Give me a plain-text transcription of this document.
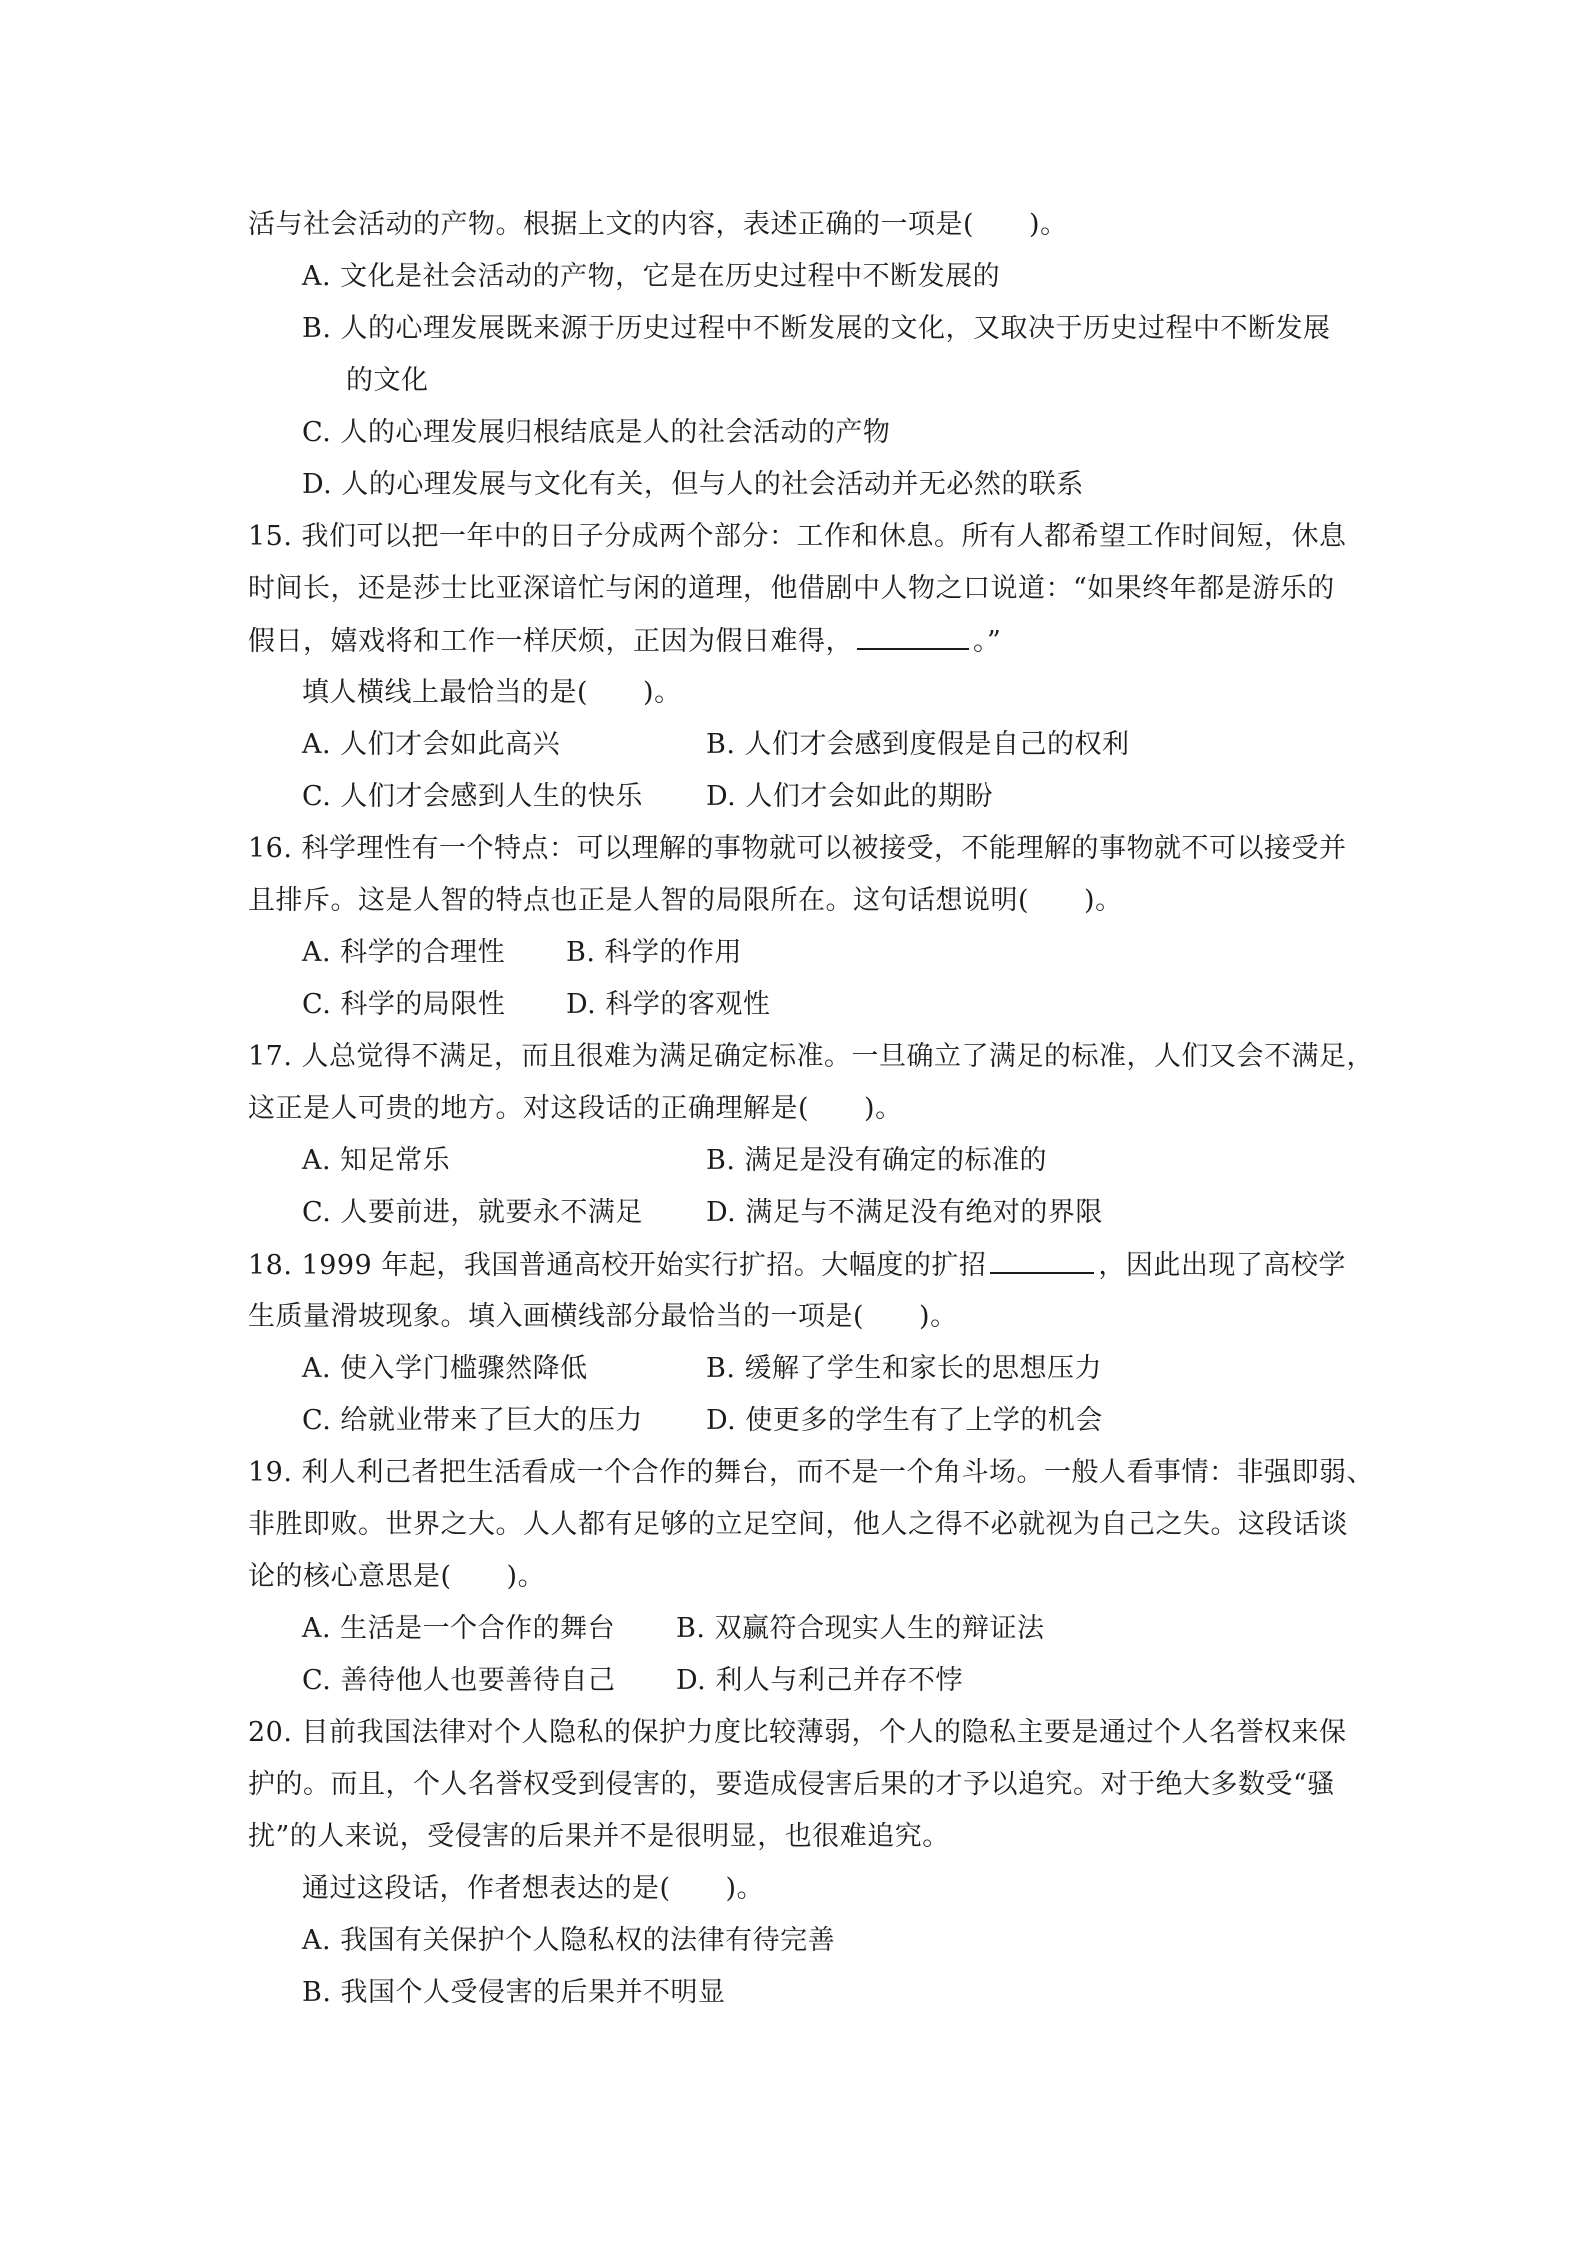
活与社会活动的产物。根据上文的内容，表述正确的一项是(　　)。
A. 文化是社会活动的产物，它是在历史过程中不断发展的
B. 人的心理发展既来源于历史过程中不断发展的文化，又取决于历史过程中不断发展
的文化
C. 人的心理发展归根结底是人的社会活动的产物
D. 人的心理发展与文化有关，但与人的社会活动并无必然的联系
15. 我们可以把一年中的日子分成两个部分：工作和休息。所有人都希望工作时间短，休息
时间长，还是莎士比亚深谙忙与闲的道理，他借剧中人物之口说道：“如果终年都是游乐的
假日，嬉戏将和工作一样厌烦，正因为假日难得，	。”
填人横线上最恰当的是(　　)。
A. 人们才会如此高兴	B. 人们才会感到度假是自己的权利
C. 人们才会感到人生的快乐 D. 人们才会如此的期盼
16. 科学理性有一个特点：可以理解的事物就可以被接受，不能理解的事物就不可以接受并
且排斥。这是人智的特点也正是人智的局限所在。这句话想说明(　　)。
A. 科学的合理性 B. 科学的作用
C. 科学的局限性 D. 科学的客观性
17. 人总觉得不满足，而且很难为满足确定标准。一旦确立了满足的标准，人们又会不满足，
这正是人可贵的地方。对这段话的正确理解是(　　)。
A. 知足常乐	B. 满足是没有确定的标准的
C. 人要前进，就要永不满足 D. 满足与不满足没有绝对的界限
18. 1999 年起，我国普通高校开始实行扩招。大幅度的扩招	，因此出现了高校学
生质量滑坡现象。填入画横线部分最恰当的一项是(　　)。
A. 使入学门槛骤然降低	B. 缓解了学生和家长的思想压力
C. 给就业带来了巨大的压力 D. 使更多的学生有了上学的机会
19. 利人利己者把生活看成一个合作的舞台，而不是一个角斗场。一般人看事情：非强即弱、
非胜即败。世界之大。人人都有足够的立足空间，他人之得不必就视为自己之失。这段话谈
论的核心意思是(　　)。
A. 生活是一个合作的舞台 B. 双赢符合现实人生的辩证法
C. 善待他人也要善待自己 D. 利人与利己并存不悖
20. 目前我国法律对个人隐私的保护力度比较薄弱，个人的隐私主要是通过个人名誉权来保
护的。而且，个人名誉权受到侵害的，要造成侵害后果的才予以追究。对于绝大多数受“骚
扰”的人来说，受侵害的后果并不是很明显，也很难追究。
通过这段话，作者想表达的是(　　)。
A. 我国有关保护个人隐私权的法律有待完善
B. 我国个人受侵害的后果并不明显
